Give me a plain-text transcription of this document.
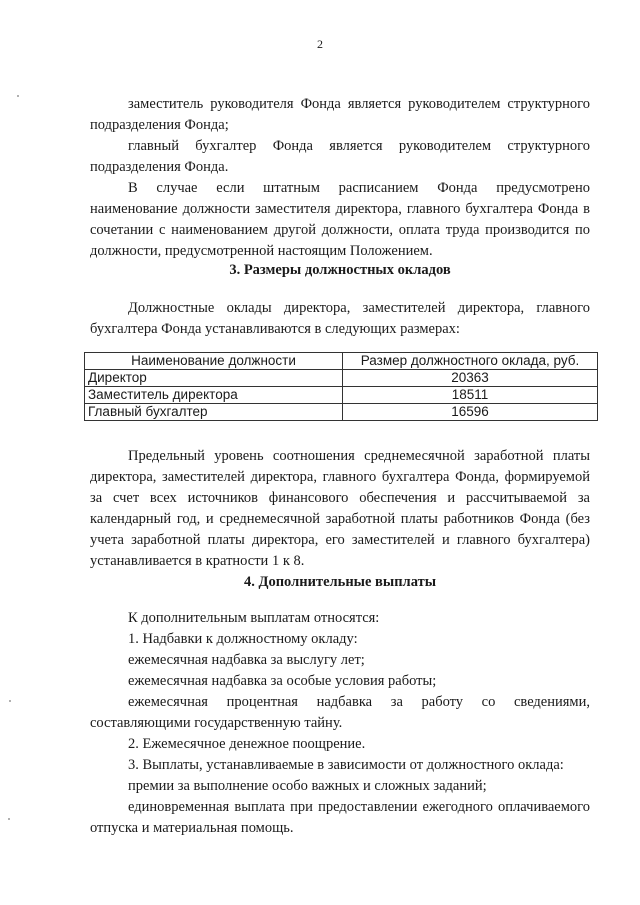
2

заместитель руководителя Фонда является руководителем структурного подразделения Фонда;

главный бухгалтер Фонда является руководителем структурного подразделения Фонда.

В случае если штатным расписанием Фонда предусмотрено наименование должности заместителя директора, главного бухгалтера Фонда в сочетании с наименованием другой должности, оплата труда производится по должности, предусмотренной настоящим Положением.

3. Размеры должностных окладов

Должностные оклады директора, заместителей директора, главного бухгалтера Фонда устанавливаются в следующих размерах:

Наименование должности	Размер должностного оклада, руб.
Директор	20363
Заместитель директора	18511
Главный бухгалтер	16596

Предельный уровень соотношения среднемесячной заработной платы директора, заместителей директора, главного бухгалтера Фонда, формируемой за счет всех источников финансового обеспечения и рассчитываемой за календарный год, и среднемесячной заработной платы работников Фонда (без учета заработной платы директора, его заместителей и главного бухгалтера) устанавливается в кратности 1 к 8.

4. Дополнительные выплаты

К дополнительным выплатам относятся:

1. Надбавки к должностному окладу:

ежемесячная надбавка за выслугу лет;

ежемесячная надбавка за особые условия работы;

ежемесячная процентная надбавка за работу со сведениями, составляющими государственную тайну.

2. Ежемесячное денежное поощрение.

3. Выплаты, устанавливаемые в зависимости от должностного оклада:

премии за выполнение особо важных и сложных заданий;

единовременная выплата при предоставлении ежегодного оплачиваемого отпуска и материальная помощь.
